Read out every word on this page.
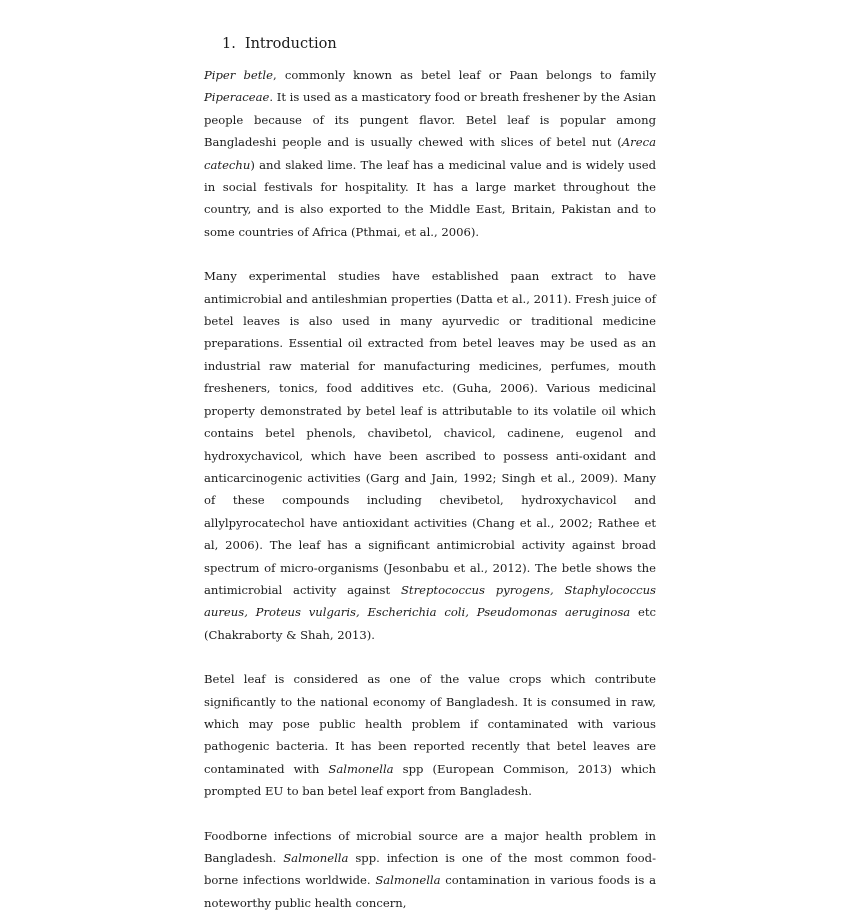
1. Introduction

Piper betle, commonly known as betel leaf or Paan belongs to family Piperaceae. It is used as a masticatory food or breath freshener by the Asian people because of its pungent flavor. Betel leaf is popular among Bangladeshi people and is usually chewed with slices of betel nut (Areca catechu) and slaked lime. The leaf has a medicinal value and is widely used in social festivals for hospitality. It has a large market throughout the country, and is also exported to the Middle East, Britain, Pakistan and to some countries of Africa (Pthmai, et al., 2006).

Many experimental studies have established paan extract to have antimicrobial and antileshmian properties (Datta et al., 2011). Fresh juice of betel leaves is also used in many ayurvedic or traditional medicine preparations. Essential oil extracted from betel leaves may be used as an industrial raw material for manufacturing medicines, perfumes, mouth fresheners, tonics, food additives etc. (Guha, 2006). Various medicinal property demonstrated by betel leaf is attributable to its volatile oil which contains betel phenols, chavibetol, chavicol, cadinene, eugenol and hydroxychavicol, which have been ascribed to possess anti-oxidant and anticarcinogenic activities (Garg and Jain, 1992; Singh et al., 2009). Many of these compounds including chevibetol, hydroxychavicol and allylpyrocatechol have antioxidant activities (Chang et al., 2002; Rathee et al, 2006). The leaf has a significant antimicrobial activity against broad spectrum of micro-organisms (Jesonbabu et al., 2012). The betle shows the antimicrobial activity against Streptococcus pyrogens, Staphylococcus aureus, Proteus vulgaris, Escherichia coli, Pseudomonas aeruginosa etc (Chakraborty & Shah, 2013).

Betel leaf is considered as one of the value crops which contribute significantly to the national economy of Bangladesh. It is consumed in raw, which may pose public health problem if contaminated with various pathogenic bacteria. It has been reported recently that betel leaves are contaminated with Salmonella spp (European Commison, 2013) which prompted EU to ban betel leaf export from Bangladesh.

Foodborne infections of microbial source are a major health problem in Bangladesh. Salmonella spp. infection is one of the most common food-borne infections worldwide. Salmonella contamination in various foods is a noteworthy public health concern,
